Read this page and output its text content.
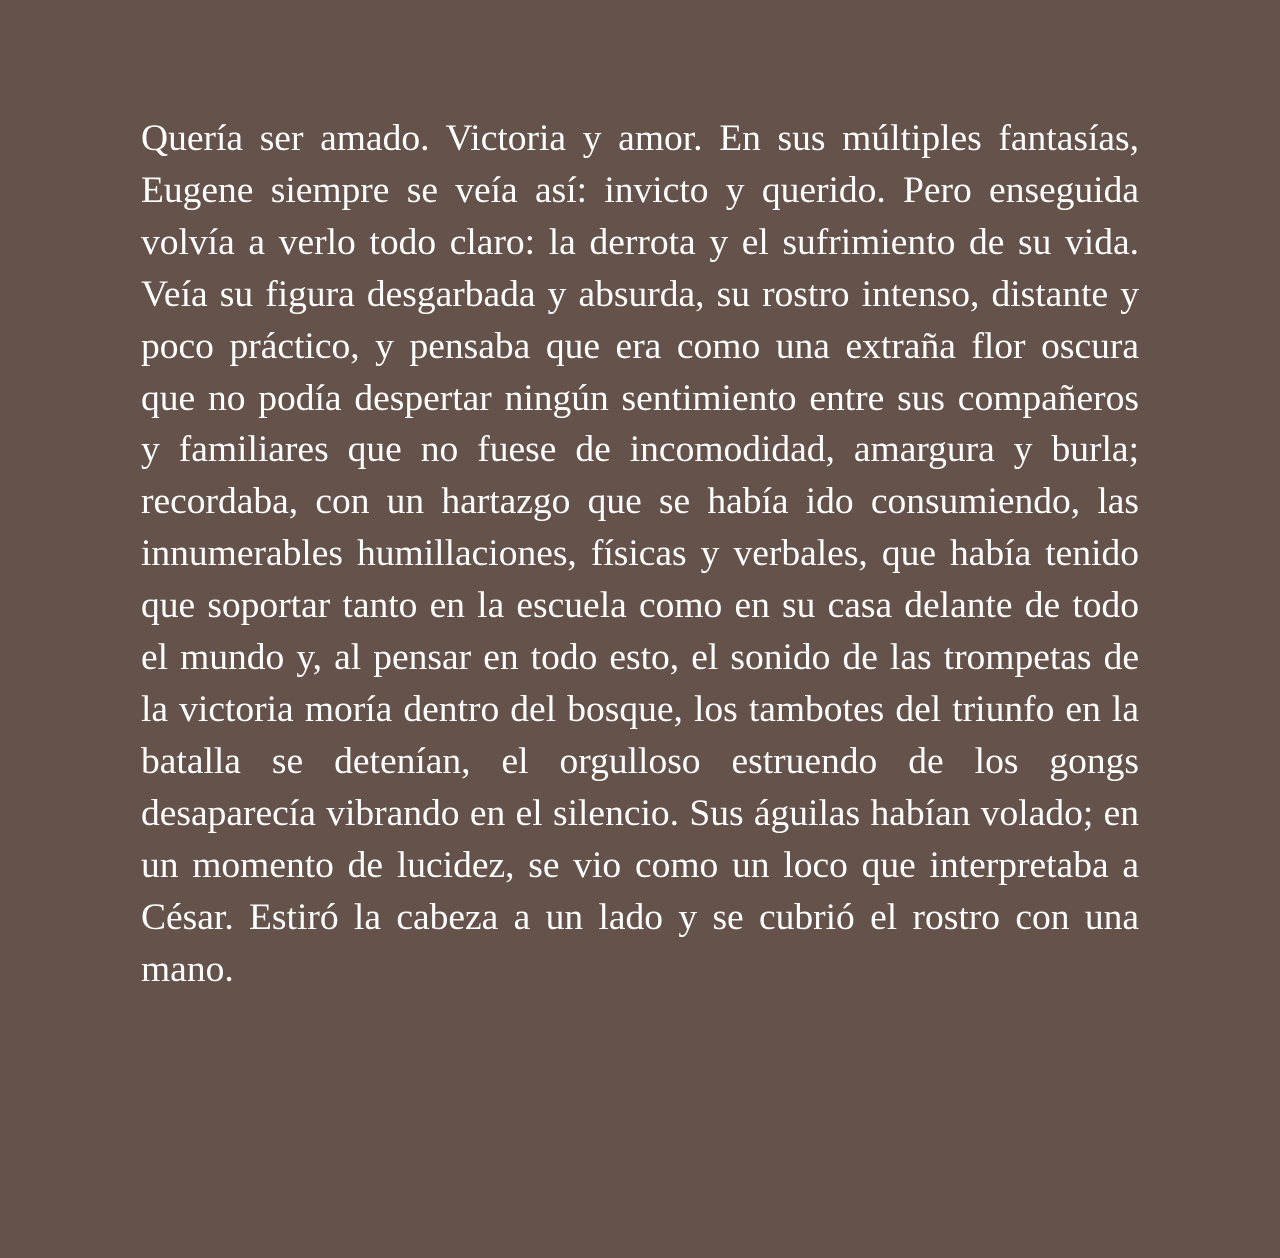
Quería ser amado. Victoria y amor. En sus múltiples fantasías, Eugene siempre se veía así: invicto y querido. Pero enseguida volvía a verlo todo claro: la derrota y el sufrimiento de su vida. Veía su figura desgarbada y absurda, su rostro intenso, distante y poco práctico, y pensaba que era como una extraña flor oscura que no podía despertar ningún sentimiento entre sus compañeros y familiares que no fuese de incomodidad, amargura y burla; recordaba, con un hartazgo que se había ido consumiendo, las innumerables humillaciones, físicas y verbales, que había tenido que soportar tanto en la escuela como en su casa delante de todo el mundo y, al pensar en todo esto, el sonido de las trompetas de la victoria moría dentro del bosque, los tambotes del triunfo en la batalla se detenían, el orgulloso estruendo de los gongs desaparecía vibrando en el silencio. Sus águilas habían volado; en un momento de lucidez, se vio como un loco que interpretaba a César. Estiró la cabeza a un lado y se cubrió el rostro con una mano.
